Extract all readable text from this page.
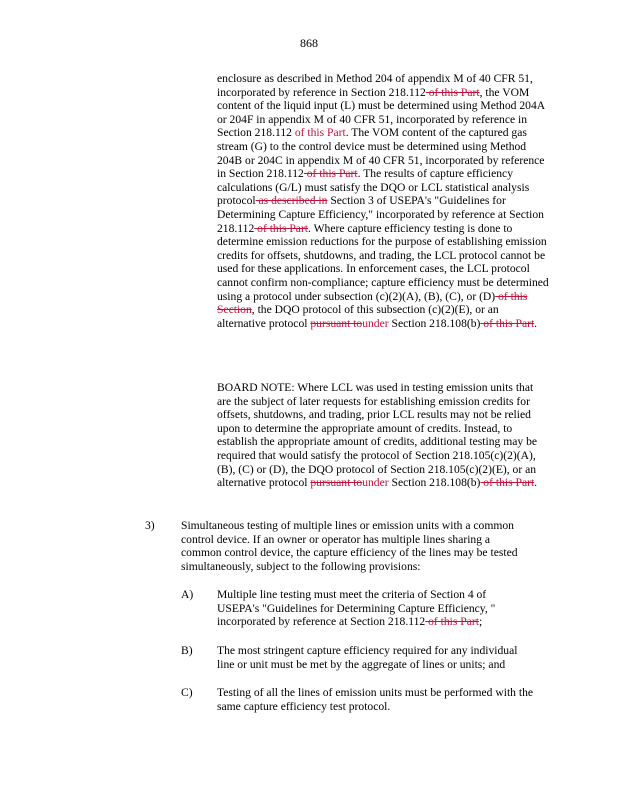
868

enclosure as described in Method 204 of appendix M of 40 CFR 51, incorporated by reference in Section 218.112 of this Part, the VOM content of the liquid input (L) must be determined using Method 204A or 204F in appendix M of 40 CFR 51, incorporated by reference in Section 218.112 of this Part. The VOM content of the captured gas stream (G) to the control device must be determined using Method 204B or 204C in appendix M of 40 CFR 51, incorporated by reference in Section 218.112 of this Part. The results of capture efficiency calculations (G/L) must satisfy the DQO or LCL statistical analysis protocol as described in Section 3 of USEPA's "Guidelines for Determining Capture Efficiency," incorporated by reference at Section 218.112 of this Part. Where capture efficiency testing is done to determine emission reductions for the purpose of establishing emission credits for offsets, shutdowns, and trading, the LCL protocol cannot be used for these applications. In enforcement cases, the LCL protocol cannot confirm non-compliance; capture efficiency must be determined using a protocol under subsection (c)(2)(A), (B), (C), or (D) of this Section, the DQO protocol of this subsection (c)(2)(E), or an alternative protocol pursuant tounder Section 218.108(b) of this Part.

BOARD NOTE: Where LCL was used in testing emission units that are the subject of later requests for establishing emission credits for offsets, shutdowns, and trading, prior LCL results may not be relied upon to determine the appropriate amount of credits. Instead, to establish the appropriate amount of credits, additional testing may be required that would satisfy the protocol of Section 218.105(c)(2)(A), (B), (C) or (D), the DQO protocol of Section 218.105(c)(2)(E), or an alternative protocol pursuant tounder Section 218.108(b) of this Part.

3) Simultaneous testing of multiple lines or emission units with a common control device. If an owner or operator has multiple lines sharing a common control device, the capture efficiency of the lines may be tested simultaneously, subject to the following provisions:

A) Multiple line testing must meet the criteria of Section 4 of USEPA's "Guidelines for Determining Capture Efficiency, " incorporated by reference at Section 218.112 of this Part;

B) The most stringent capture efficiency required for any individual line or unit must be met by the aggregate of lines or units; and

C) Testing of all the lines of emission units must be performed with the same capture efficiency test protocol.
